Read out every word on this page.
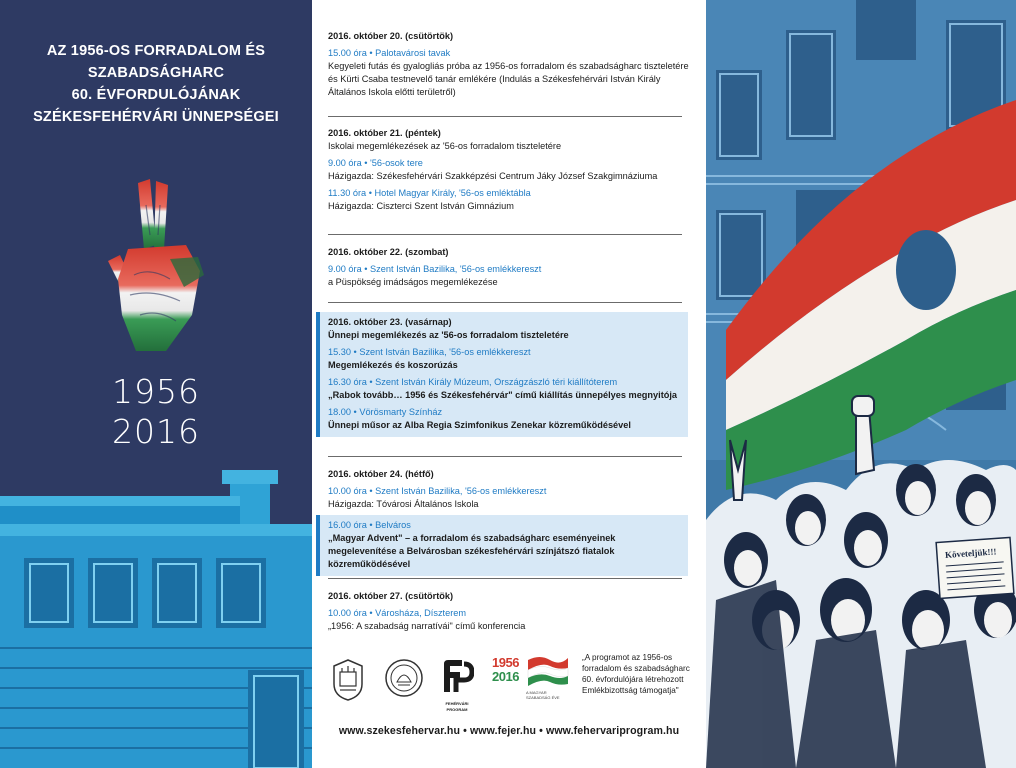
AZ 1956-OS FORRADALOM ÉS
SZABADSÁGHARC
60. ÉVFORDULÓJÁNAK
SZÉKESFEHÉRVÁRI ÜNNEPSÉGEI
1956
2016
2016. október 20. (csütörtök)
15.00 óra • Palotavárosi tavak
Kegyeleti futás és gyalogliás próba az 1956-os forradalom és szabadságharc tiszteletére és Kürti Csaba testnevelő tanár emlékére (Indulás a Székesfehérvári István Király Általános Iskola előtti területről)
2016. október 21. (péntek)
Iskolai megemlékezések az '56-os forradalom tiszteletére
9.00 óra • '56-osok tere
Házigazda: Székesfehérvári Szakképzési Centrum Jáky József Szakgimnáziuma
11.30 óra • Hotel Magyar Király, '56-os emléktábla
Házigazda: Ciszterci Szent István Gimnázium
2016. október 22. (szombat)
9.00 óra • Szent István Bazilika, '56-os emlékkereszt
a Püspökség imádságos megemlékezése
2016. október 23. (vasárnap)
Ünnepi megemlékezés az '56-os forradalom tiszteletére
15.30 • Szent István Bazilika, '56-os emlékkereszt
Megemlékezés és koszorúzás
16.30 óra • Szent István Király Múzeum, Országzászló téri kiállítóterem
„Rabok tovább… 1956 és Székesfehérvár" című kiállítás ünnepélyes megnyitója
18.00 • Vörösmarty Színház
Ünnepi műsor az Alba Regia Szimfonikus Zenekar közreműködésével
2016. október 24. (hétfő)
10.00 óra • Szent István Bazilika, '56-os emlékkereszt
Házigazda: Tóvárosi Általános Iskola
16.00 óra • Belváros
„Magyar Advent" – a forradalom és szabadságharc eseményeinek megelevenítése a Belvárosban székesfehérvári színjátszó fiatalok közreműködésével
2016. október 27. (csütörtök)
10.00 óra • Városháza, Díszterem
„1956: A szabadság narratívái" című konferencia
FEHÉRVÁRI PROGRAM
1956
2016
A MAGYAR SZABADSÁG ÉVE
„A programot az 1956-os forradalom és szabadságharc 60. évfordulójára létrehozott Emlékbizottság támogatja"
www.szekesfehervar.hu • www.fejer.hu • www.fehervariprogram.hu
Követeljük!!!
